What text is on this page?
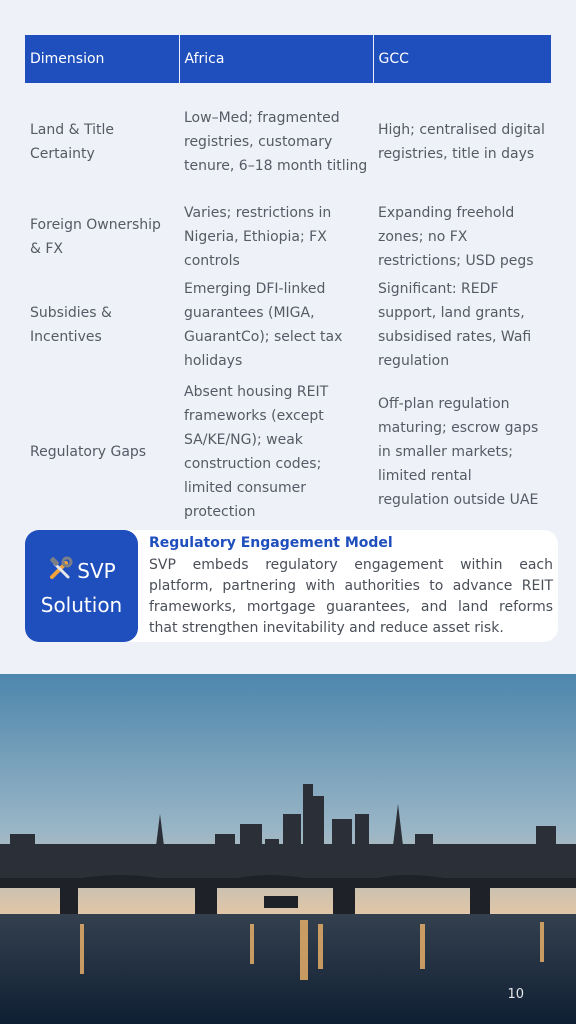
Dimension	Africa	GCC
Land & Title Certainty	Low–Med; fragmented registries, customary tenure, 6–18 month titling	High; centralised digital registries, title in days
Foreign Ownership & FX	Varies; restrictions in Nigeria, Ethiopia; FX controls	Expanding freehold zones; no FX restrictions; USD pegs
Subsidies & Incentives	Emerging DFI-linked guarantees (MIGA, GuarantCo); select tax holidays	Significant: REDF support, land grants, subsidised rates, Wafi regulation
Regulatory Gaps	Absent housing REIT frameworks (except SA/KE/NG); weak construction codes; limited consumer protection	Off-plan regulation maturing; escrow gaps in smaller markets; limited rental regulation outside UAE
SVP
Solution
Regulatory Engagement Model
SVP embeds regulatory engagement within each platform, partnering with authorities to advance REIT frameworks, mortgage guarantees, and land reforms that strengthen inevitability and reduce asset risk.
10
